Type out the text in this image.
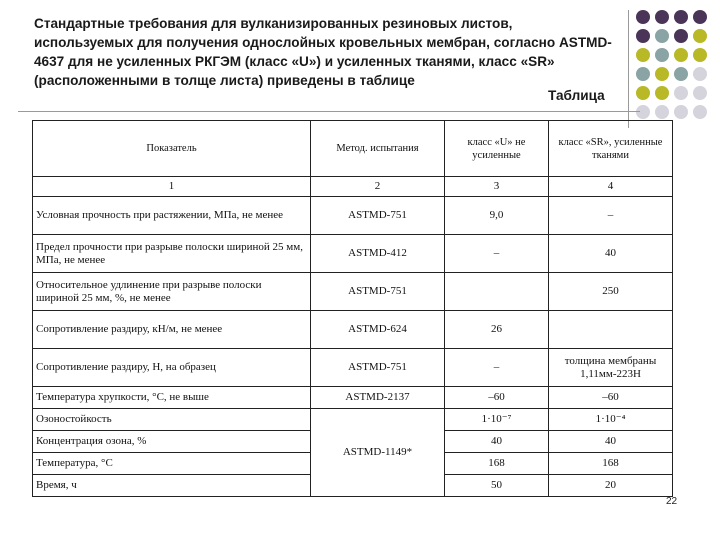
Стандартные требования для вулканизированных резиновых листов, используемых для получения однослойных кровельных мембран, согласно ASTMD-4637 для не усиленных РКГЭМ (класс «U») и усиленных тканями, класс «SR» (расположенными в толще листа) приведены в таблице
Таблица
Показатель	Метод. испытания	класс «U» не усиленные	класс «SR», усиленные тканями
1	2	3	4
Условная прочность при растяжении, МПа, не менее	ASTMD-751	9,0	–
Предел прочности при разрыве полоски шириной 25 мм, МПа, не менее	ASTMD-412	–	40
Относительное удлинение при разрыве полоски шириной 25 мм, %, не менее	ASTMD-751		250
Сопротивление раздиру, кН/м, не менее	ASTMD-624	26	
Сопротивление раздиру, Н, на образец	ASTMD-751	–	толщина мембраны 1,11мм-223Н
Температура хрупкости, °С, не выше	ASTMD-2137	–60	–60
Озоностойкость	ASTMD-1149*	1·10⁻⁷	1·10⁻⁴
Концентрация озона, %		40	40
Температура, °С		168	168
Время, ч		50	20
22
